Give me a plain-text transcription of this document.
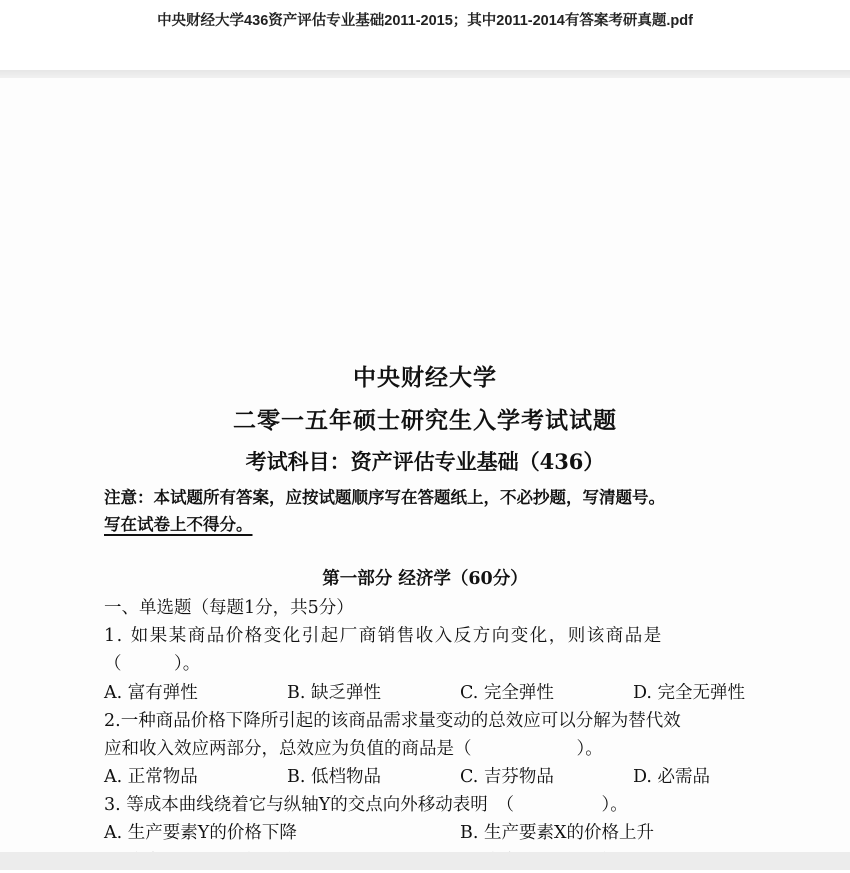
中央财经大学436资产评估专业基础2011-2015；其中2011-2014有答案考研真题.pdf
中央财经大学
二零一五年硕士研究生入学考试试题
考试科目：资产评估专业基础（436）
注意：本试题所有答案，应按试题顺序写在答题纸上，不必抄题，写清题号。
写在试卷上不得分。
第一部分 经济学（60分）
一、单选题（每题1分，共5分）
1. 如果某商品价格变化引起厂商销售收入反方向变化，则该商品是
（　　　）。
A. 富有弹性	B. 缺乏弹性	C. 完全弹性	D. 完全无弹性
2.一种商品价格下降所引起的该商品需求量变动的总效应可以分解为替代效
应和收入效应两部分，总效应为负值的商品是（　　　　　　）。
A. 正常物品	B. 低档物品	C. 吉芬物品	D. 必需品
3. 等成本曲线绕着它与纵轴Y的交点向外移动表明　（　　　　　）。
A. 生产要素Y的价格下降	B. 生产要素X的价格上升
